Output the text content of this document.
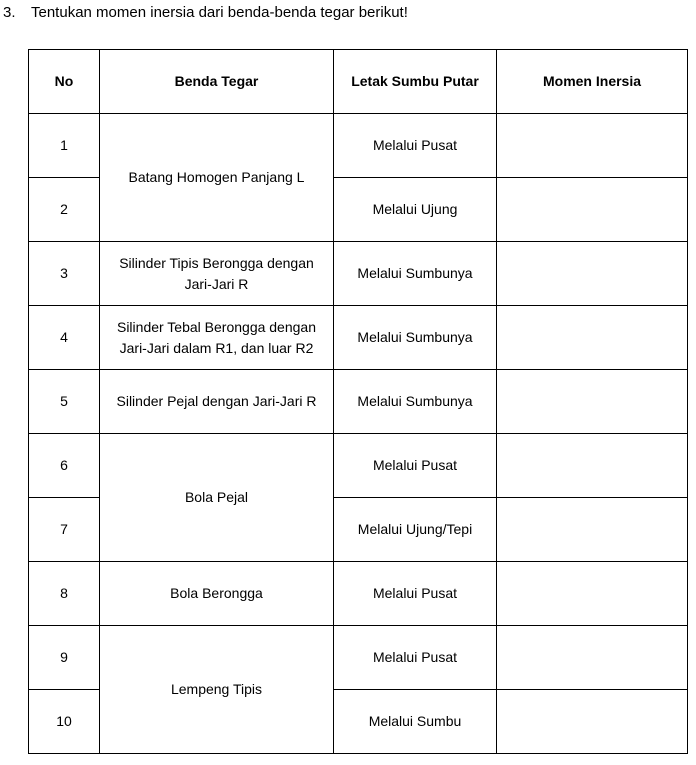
3. Tentukan momen inersia dari benda-benda tegar berikut!
No	Benda Tegar	Letak Sumbu Putar	Momen Inersia
1	Batang Homogen Panjang L	Melalui Pusat	
2		Melalui Ujung	
3	Silinder Tipis Berongga dengan Jari-Jari R	Melalui Sumbunya	
4	Silinder Tebal Berongga dengan Jari-Jari dalam R1, dan luar R2	Melalui Sumbunya	
5	Silinder Pejal dengan Jari-Jari R	Melalui Sumbunya	
6	Bola Pejal	Melalui Pusat	
7		Melalui Ujung/Tepi	
8	Bola Berongga	Melalui Pusat	
9	Lempeng Tipis	Melalui Pusat	
10		Melalui Sumbu	
